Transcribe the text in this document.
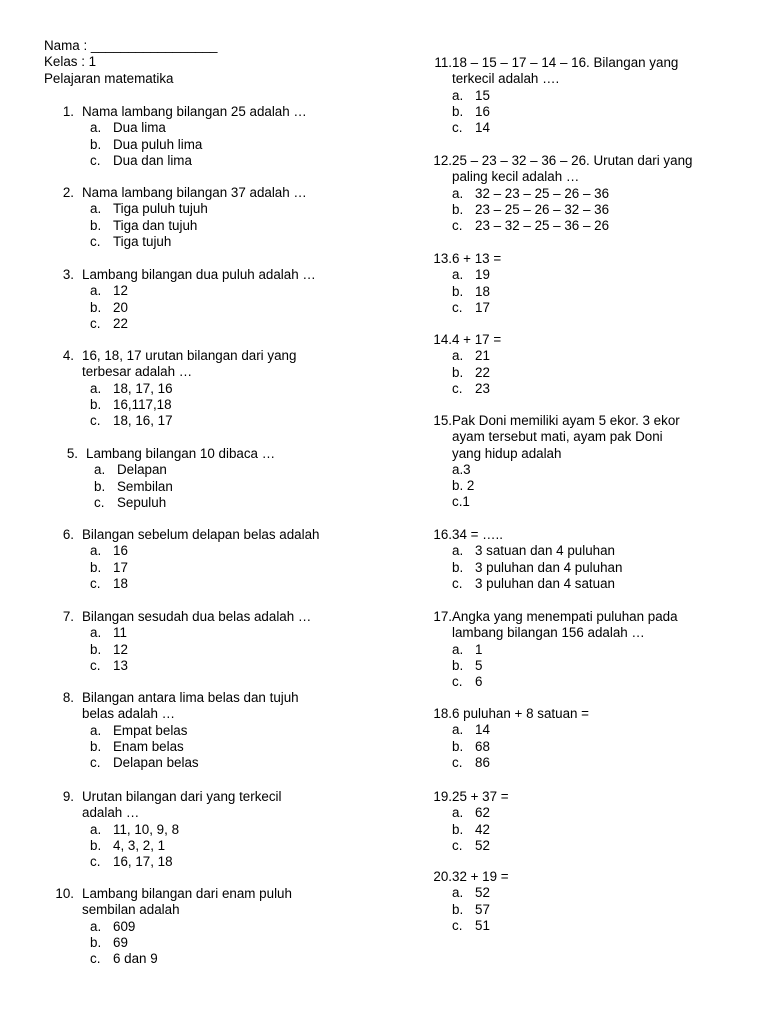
Nama : _________________
Kelas : 1
Pelajaran matematika
1. Nama lambang bilangan 25 adalah …
a. Dua lima
b. Dua puluh lima
c. Dua dan lima
2. Nama lambang bilangan 37 adalah …
a. Tiga puluh tujuh
b. Tiga dan tujuh
c. Tiga tujuh
3. Lambang bilangan dua puluh adalah …
a. 12
b. 20
c. 22
4. 16, 18, 17 urutan bilangan dari yang
terbesar adalah …
a. 18, 17, 16
b. 16,117,18
c. 18, 16, 17
5. Lambang bilangan 10 dibaca …
a. Delapan
b. Sembilan
c. Sepuluh
6. Bilangan sebelum delapan belas adalah
a. 16
b. 17
c. 18
7. Bilangan sesudah dua belas adalah …
a. 11
b. 12
c. 13
8. Bilangan antara lima belas dan tujuh
belas adalah …
a. Empat belas
b. Enam belas
c. Delapan belas
9. Urutan bilangan dari yang terkecil
adalah …
a. 11, 10, 9, 8
b. 4, 3, 2, 1
c. 16, 17, 18
10. Lambang bilangan dari enam puluh
sembilan adalah
a. 609
b. 69
c. 6 dan 9
11. 18 – 15 – 17 – 14 – 16. Bilangan yang
terkecil adalah ….
a. 15
b. 16
c. 14
12. 25 – 23 – 32 – 36 – 26. Urutan dari yang
paling kecil adalah …
a. 32 – 23 – 25 – 26 – 36
b. 23 – 25 – 26 – 32 – 36
c. 23 – 32 – 25 – 36 – 26
13. 6 + 13 =
a. 19
b. 18
c. 17
14. 4 + 17 =
a. 21
b. 22
c. 23
15. Pak Doni memiliki ayam 5 ekor. 3 ekor
ayam tersebut mati, ayam pak Doni
yang hidup adalah
a.3
b. 2
c.1
16. 34 = …..
a. 3 satuan dan 4 puluhan
b. 3 puluhan dan 4 puluhan
c. 3 puluhan dan 4 satuan
17. Angka yang menempati puluhan pada
lambang bilangan 156 adalah …
a. 1
b. 5
c. 6
18. 6 puluhan + 8 satuan =
a. 14
b. 68
c. 86
19. 25 + 37 =
a. 62
b. 42
c. 52
20. 32 + 19 =
a. 52
b. 57
c. 51
